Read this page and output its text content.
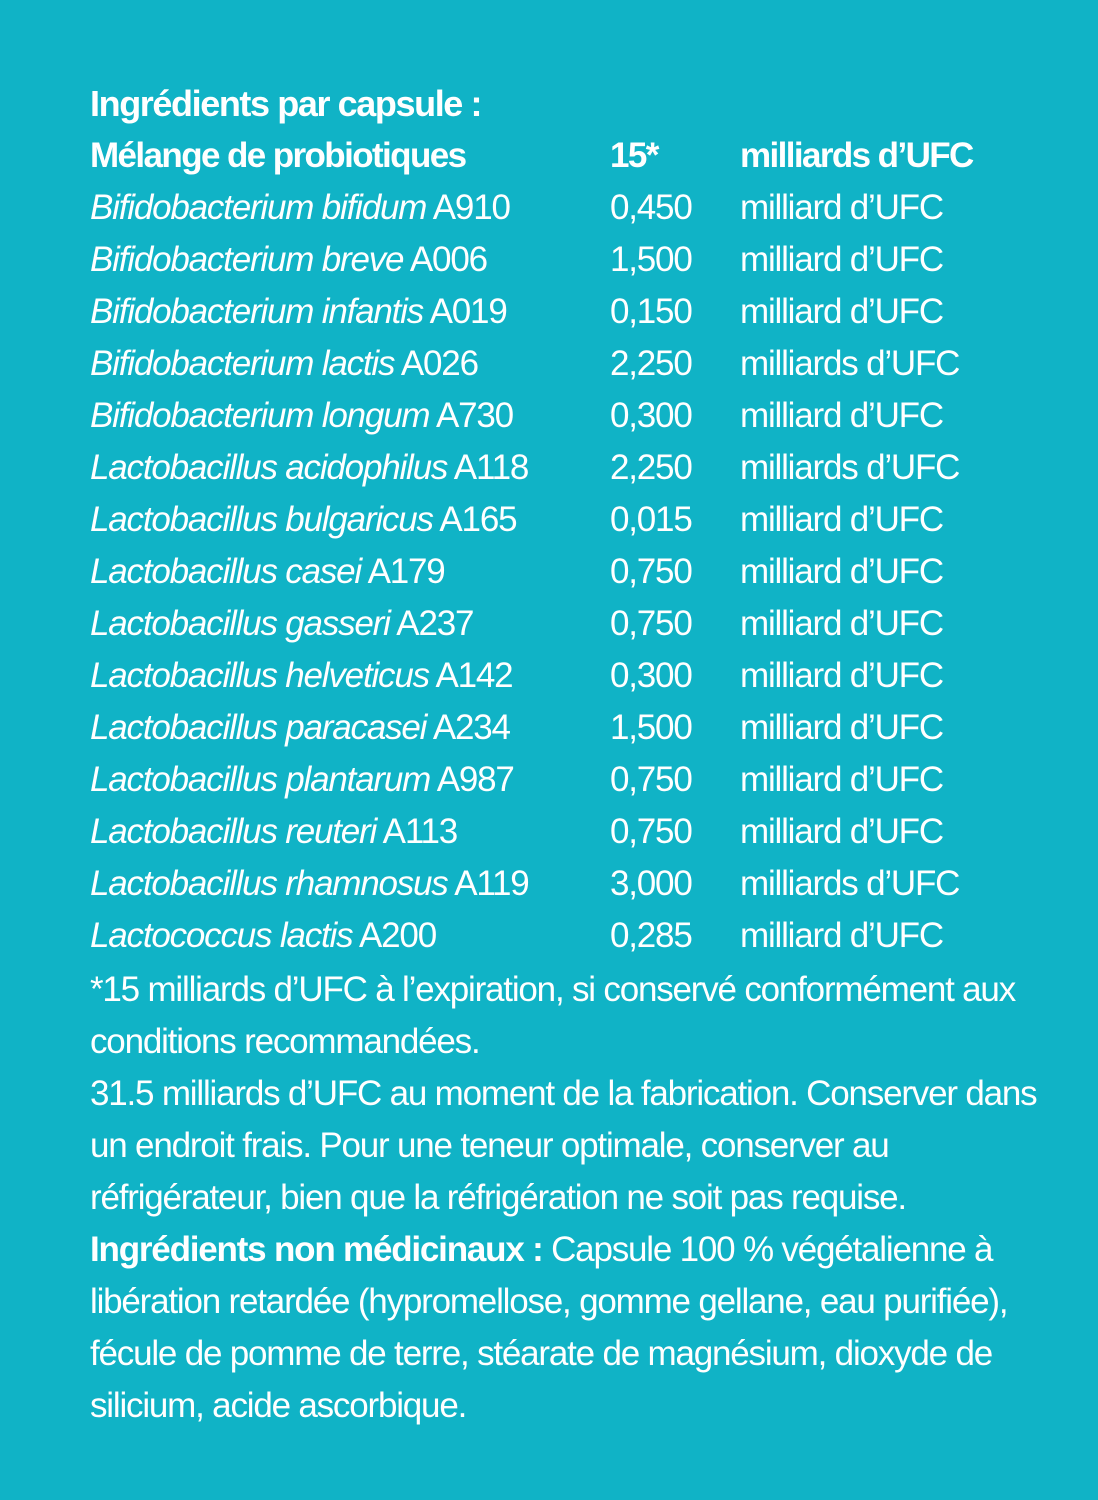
Ingrédients par capsule :
Mélange de probiotiques	15* milliards d’UFC
Bifidobacterium bifidum A910	0,450 milliard d’UFC
Bifidobacterium breve A006	1,500 milliard d’UFC
Bifidobacterium infantis A019	0,150 milliard d’UFC
Bifidobacterium lactis A026	2,250 milliards d’UFC
Bifidobacterium longum A730	0,300 milliard d’UFC
Lactobacillus acidophilus A118 2,250 milliards d’UFC
Lactobacillus bulgaricus A165	0,015 milliard d’UFC
Lactobacillus casei A179	0,750 milliard d’UFC
Lactobacillus gasseri A237	0,750 milliard d’UFC
Lactobacillus helveticus A142	0,300 milliard d’UFC
Lactobacillus paracasei A234	1,500 milliard d’UFC
Lactobacillus plantarum A987	0,750 milliard d’UFC
Lactobacillus reuteri A113	0,750 milliard d’UFC
Lactobacillus rhamnosus A119 3,000 milliards d’UFC
Lactococcus lactis A200	0,285 milliard d’UFC

*15 milliards d’UFC à l’expiration, si conservé conformément aux conditions recommandées.

31.5 milliards d’UFC au moment de la fabrication. Conserver dans un endroit frais. Pour une teneur optimale, conserver au réfrigérateur, bien que la réfrigération ne soit pas requise.

Ingrédients non médicinaux : Capsule 100 % végétalienne à libération retardée (hypromellose, gomme gellane, eau purifiée), fécule de pomme de terre, stéarate de magnésium, dioxyde de silicium, acide ascorbique.
